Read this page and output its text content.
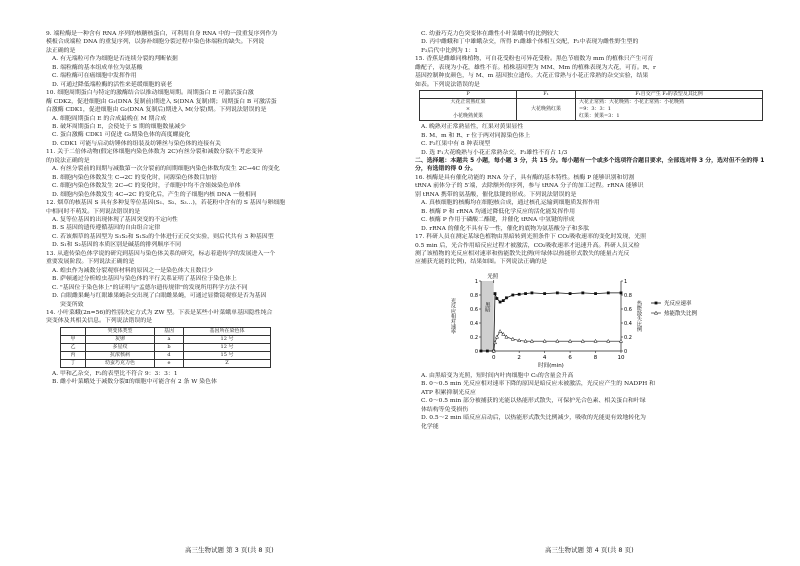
9. 端粒酶是一种含有 RNA 序列的核糖核蛋白，可利用自身 RNA 中的一段重复序列作为

模板合成端粒 DNA 的重复序列，以弥补细胞分裂过程中染色体端粒的缺失。下列说

法正确的是

A. 有无端粒可作为细胞是否连续分裂的判断依据

B. 端粒酶的基本组成单位为氨基酸

C. 端粒酶可在癌细胞中发挥作用

D. 可通过降低端粒酶的活性来延缓细胞的衰老

10. 细胞周期蛋白与特定的激酶结合以推动细胞周期。周期蛋白 E 可激活蛋白激

酶 CDK2，促进细胞由 G₁(DNA 复制前)期进入 S(DNA 复制)期；周期蛋白 B 可激活蛋

白激酶 CDK1，促进细胞由 G₂(DNA 复制后)期进入 M(分裂)期。下列说法错误的是

A. 细胞周期蛋白 E 的合成最晚在 M 期合成

B. 破坏周期蛋白 E，会使处于 S 期的细胞数量减少

C. 蛋白激酶 CDK1 可促进 G₂期染色体的高度螺旋化

D. CDK1 可能与启动纺锤体的组装及纺锤丝与染色体的连接有关

11. 关于二倍体动物(假定体细胞内染色体数为 2C)有丝分裂和减数分裂(不考虑变异

的)说法正确的是

A. 有丝分裂前的间期与减数第一次分裂前的间期细胞内染色体数均发生 2C→4C 的变化

B. 细胞内染色体数发生 C→2C 的变化时，同源染色体数目加倍

C. 细胞内染色体数发生 2C→C 的变化时，子细胞中均不含姐妹染色单体

D. 细胞内染色体数发生 4C→2C 的变化后，产生的子细胞内核 DNA 一般相同

12. 烟草的核基因 S 具有多种复等位基因(S₁、S₂、S₃…)，若花粉中含有的 S 基因与卵细胞

中相同时不萌发。下列说法错误的是

A. 复等位基因的出现体现了基因突变的不定向性

B. S 基因的遗传遵循基因的自由组合定律

C. 若该烟草的基因型为 S₁S₂和 S₁S₃的个体进行正反交实验，则后代共有 3 种基因型

D. S₁和 S₂基因的本质区别是碱基的排列顺序不同

13. 从遗传染色体学说的研究到基因与染色体关系的研究，标志着遗传学的发展进入一个

重要发展阶段。下列说法正确的是

A. 蝗虫作为减数分裂观察材料的原因之一是染色体大且数目少

B. 萨顿通过分析蝗虫基因与染色体的平行关系证明了基因位于染色体上

C. "基因位于染色体上"的证明与"孟德尔遗传规律"的发现所用科学方法不同

D. 白眼雌果蝇与红眼雄果蝇杂交出现了白眼雌果蝇，可通过显微镜观察是否为基因

突变所致

14. 小叶菜蛾(2n=56)的性别决定方式为 ZW 型。下表是某些小叶菜蛾单基因隐性纯合

突变体及其相关信息。下列说法错误的是

	突变体类型	基因	基因所在染色体
甲	灰卵	a	12 号
乙	多星纹	b	12 号
丙	抗浓核病	d	15 号
丁	幼蚕巧克力色	e	Z

A. 甲和乙杂交，F₂的表型比不符合 9：3：3：1

B. 雌小叶菜蛾处于减数分裂Ⅱ的细胞中可能含有 2 条 W 染色体

C. 幼蚕巧克力色突变体在雌性小叶菜蛾中的比例较大

D. 丙中雌蛾和丁中雄蛾杂交，所得 F₁雌雄个体相互交配，F₂中表现为雌性野生型的

F₂后代中比例为 1：1

15. 香蕉是雌雄同株植物，可自花受粉也可异花受粉。黑色节瘤数为 mm 的植株只产生可育

雌配子，表现为小花，雄性不育。植株基因型为 MM、Mm 的植株表现为大花，可育。R、r

基因控制种皮颜色，与 M、m 基因独立遗传。大花正常熟与小花正常熟的杂交实验，结果

如表。下列说法错误的是

P	F₁	F₁自交产生 F₂的表型及其比例
大花正常熟红果
×
小花晚熟黄果	大花晚熟红果	大花正常熟：大花晚熟：小花正常熟：小花晚熟
=9：3：3：1
红果：黄果=3：1

A. 晚熟对正常熟显性，红果对黄果显性

B. M、m 和 R、r 位于两对同源染色体上

C. F₂红果中有 8 种表现型

D. 选 F₁大花晚熟与小花正常熟杂交，F₂雄性不育占 1/3

二、选择题：本题共 5 小题，每小题 3 分，共 15 分。每小题有一个或多个选项符合题目要求，全部选对得 3 分，选对但不全的得 1 分，有选错的得 0 分。

16. 核酶是具有催化功能的 RNA 分子，具有酶的基本特性。核酶 P 能够识别和切割

tRNA 前体分子的 5′端，去除额外的序列，参与 tRNA 分子的加工过程。rRNA 能够识

别 tRNA 携带的氨基酸，催化肽键的形成。下列说法错误的是

A. 真核细胞的核酶均在细胞核合成，通过核孔运输到细胞质发挥作用

B. 核酶 P 和 rRNA 均通过降低化学反应的活化能发挥作用

C. 核酶 P 作用于磷酸二酯键，并催化 tRNA 中氢键的形成

D. rRNA 的催化不具有专一性，催化的底物为氨基酸分子和多肽

17. 科研人员在测定某绿色植物由黑暗转到光照条件下 CO₂吸收速率的变化时发现，光照

0.5 min 后，光合作用暗反应过程才被激活，CO₂吸收速率才迅速升高。科研人员又检

测了该植物的光反应相对速率和热能散失比例(叶绿体以热能形式散失的能量占光反

应捕获光能的比例)，结果如图。下列说法正确的是

0	2	4	6	8	10
0
0.2
0.4
0.6
0.8
1
0
0.2
0.4
0.6
0.8
1
光照
黑暗
时间(min)
光反应相对速率	热能散失比例	光反应速率
热能散失比例

A. 由黑暗变为光照，短时间内叶肉细胞中 C₅的含量会升高

B. 0～0.5 min 光反应相对速率下降的原因是暗反应未被激活，光反应产生的 NADPH 和

ATP 积累抑制光反应

C. 0～0.5 min 部分被捕获的光能以热能形式散失，可保护光合色素、相关蛋白和叶绿

体结构等免受损伤

D. 0.5～2 min 暗反应启动后，以热能形式散失比例减少，吸收的光能更有效地转化为

化学能

高三生物试题 第 3 页(共 8 页)	高三生物试题 第 4 页(共 8 页)
